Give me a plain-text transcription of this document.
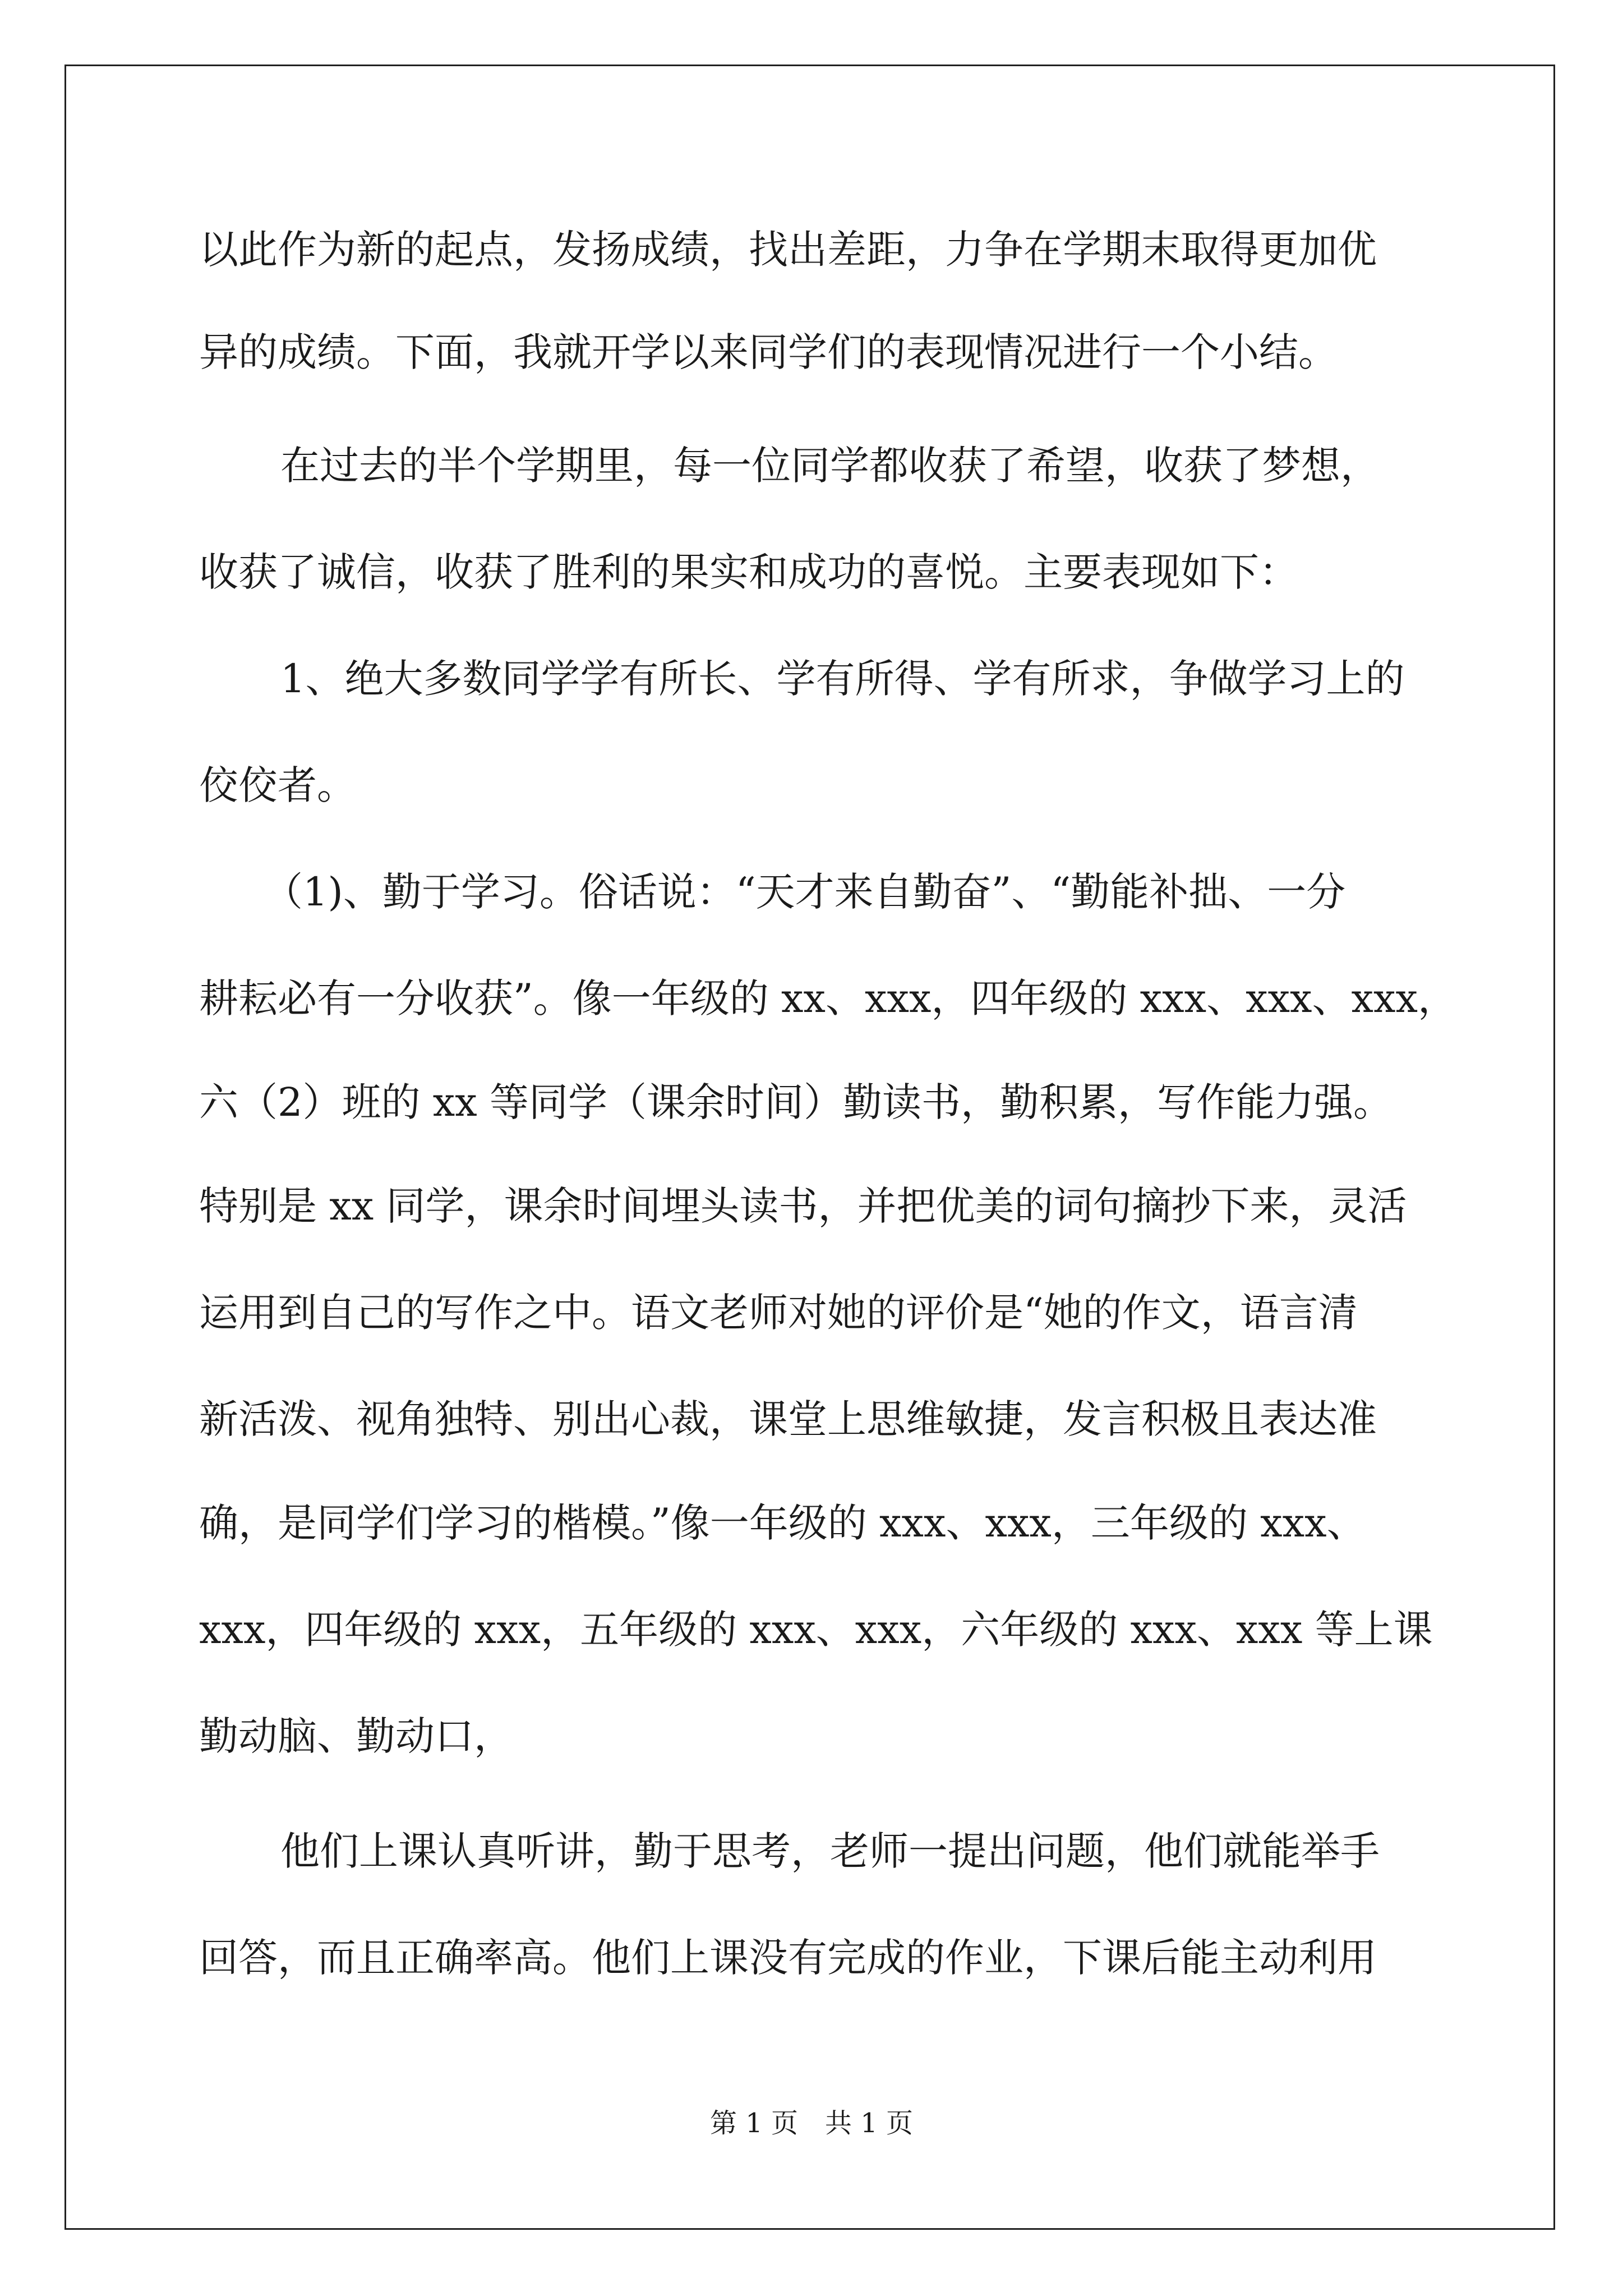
以此作为新的起点，发扬成绩，找出差距，力争在学期末取得更加优
异的成绩。下面，我就开学以来同学们的表现情况进行一个小结。
在过去的半个学期里，每一位同学都收获了希望，收获了梦想，
收获了诚信，收获了胜利的果实和成功的喜悦。主要表现如下：
1、绝大多数同学学有所长、学有所得、学有所求，争做学习上的
佼佼者。
（1)、勤于学习。俗话说：“天才来自勤奋”、“勤能补拙、一分
耕耘必有一分收获”。像一年级的 xx、xxx，四年级的 xxx、xxx、xxx，
六（2）班的 xx 等同学（课余时间）勤读书，勤积累，写作能力强。
特别是 xx 同学，课余时间埋头读书，并把优美的词句摘抄下来，灵活
运用到自己的写作之中。语文老师对她的评价是“她的作文，语言清
新活泼、视角独特、别出心裁，课堂上思维敏捷，发言积极且表达准
确，是同学们学习的楷模。”像一年级的 xxx、xxx，三年级的 xxx、
xxx，四年级的 xxx，五年级的 xxx、xxx，六年级的 xxx、xxx 等上课
勤动脑、勤动口，
他们上课认真听讲，勤于思考，老师一提出问题，他们就能举手
回答，而且正确率高。他们上课没有完成的作业，下课后能主动利用
第 1 页 共 1 页
